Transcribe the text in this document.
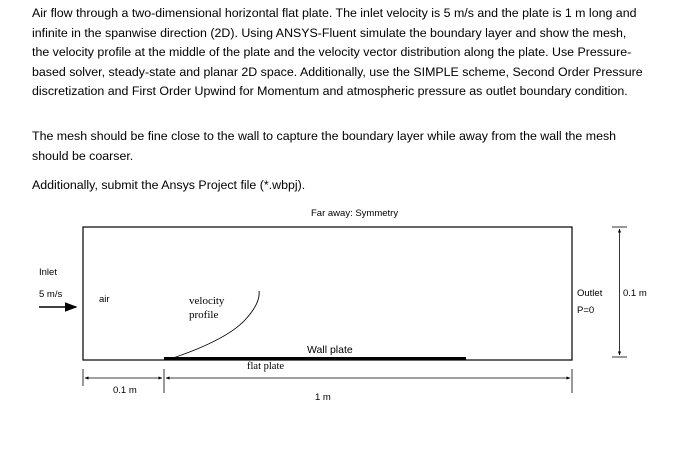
Air flow through a two-dimensional horizontal flat plate. The inlet velocity is 5 m/s and the plate is 1 m long and infinite in the spanwise direction (2D). Using ANSYS-Fluent simulate the boundary layer and show the mesh, the velocity profile at the middle of the plate and the velocity vector distribution along the plate. Use Pressure-based solver, steady-state and planar 2D space. Additionally, use the SIMPLE scheme, Second Order Pressure discretization and First Order Upwind for Momentum and atmospheric pressure as outlet boundary condition.

The mesh should be fine close to the wall to capture the boundary layer while away from the wall the mesh should be coarser.

Additionally, submit the Ansys Project file (*.wbpj).

Far away: Symmetry
Inlet
5 m/s	air	velocity
profile
Wall plate
flat plate
Outlet
P=0
0.1 m
0.1 m
1 m
